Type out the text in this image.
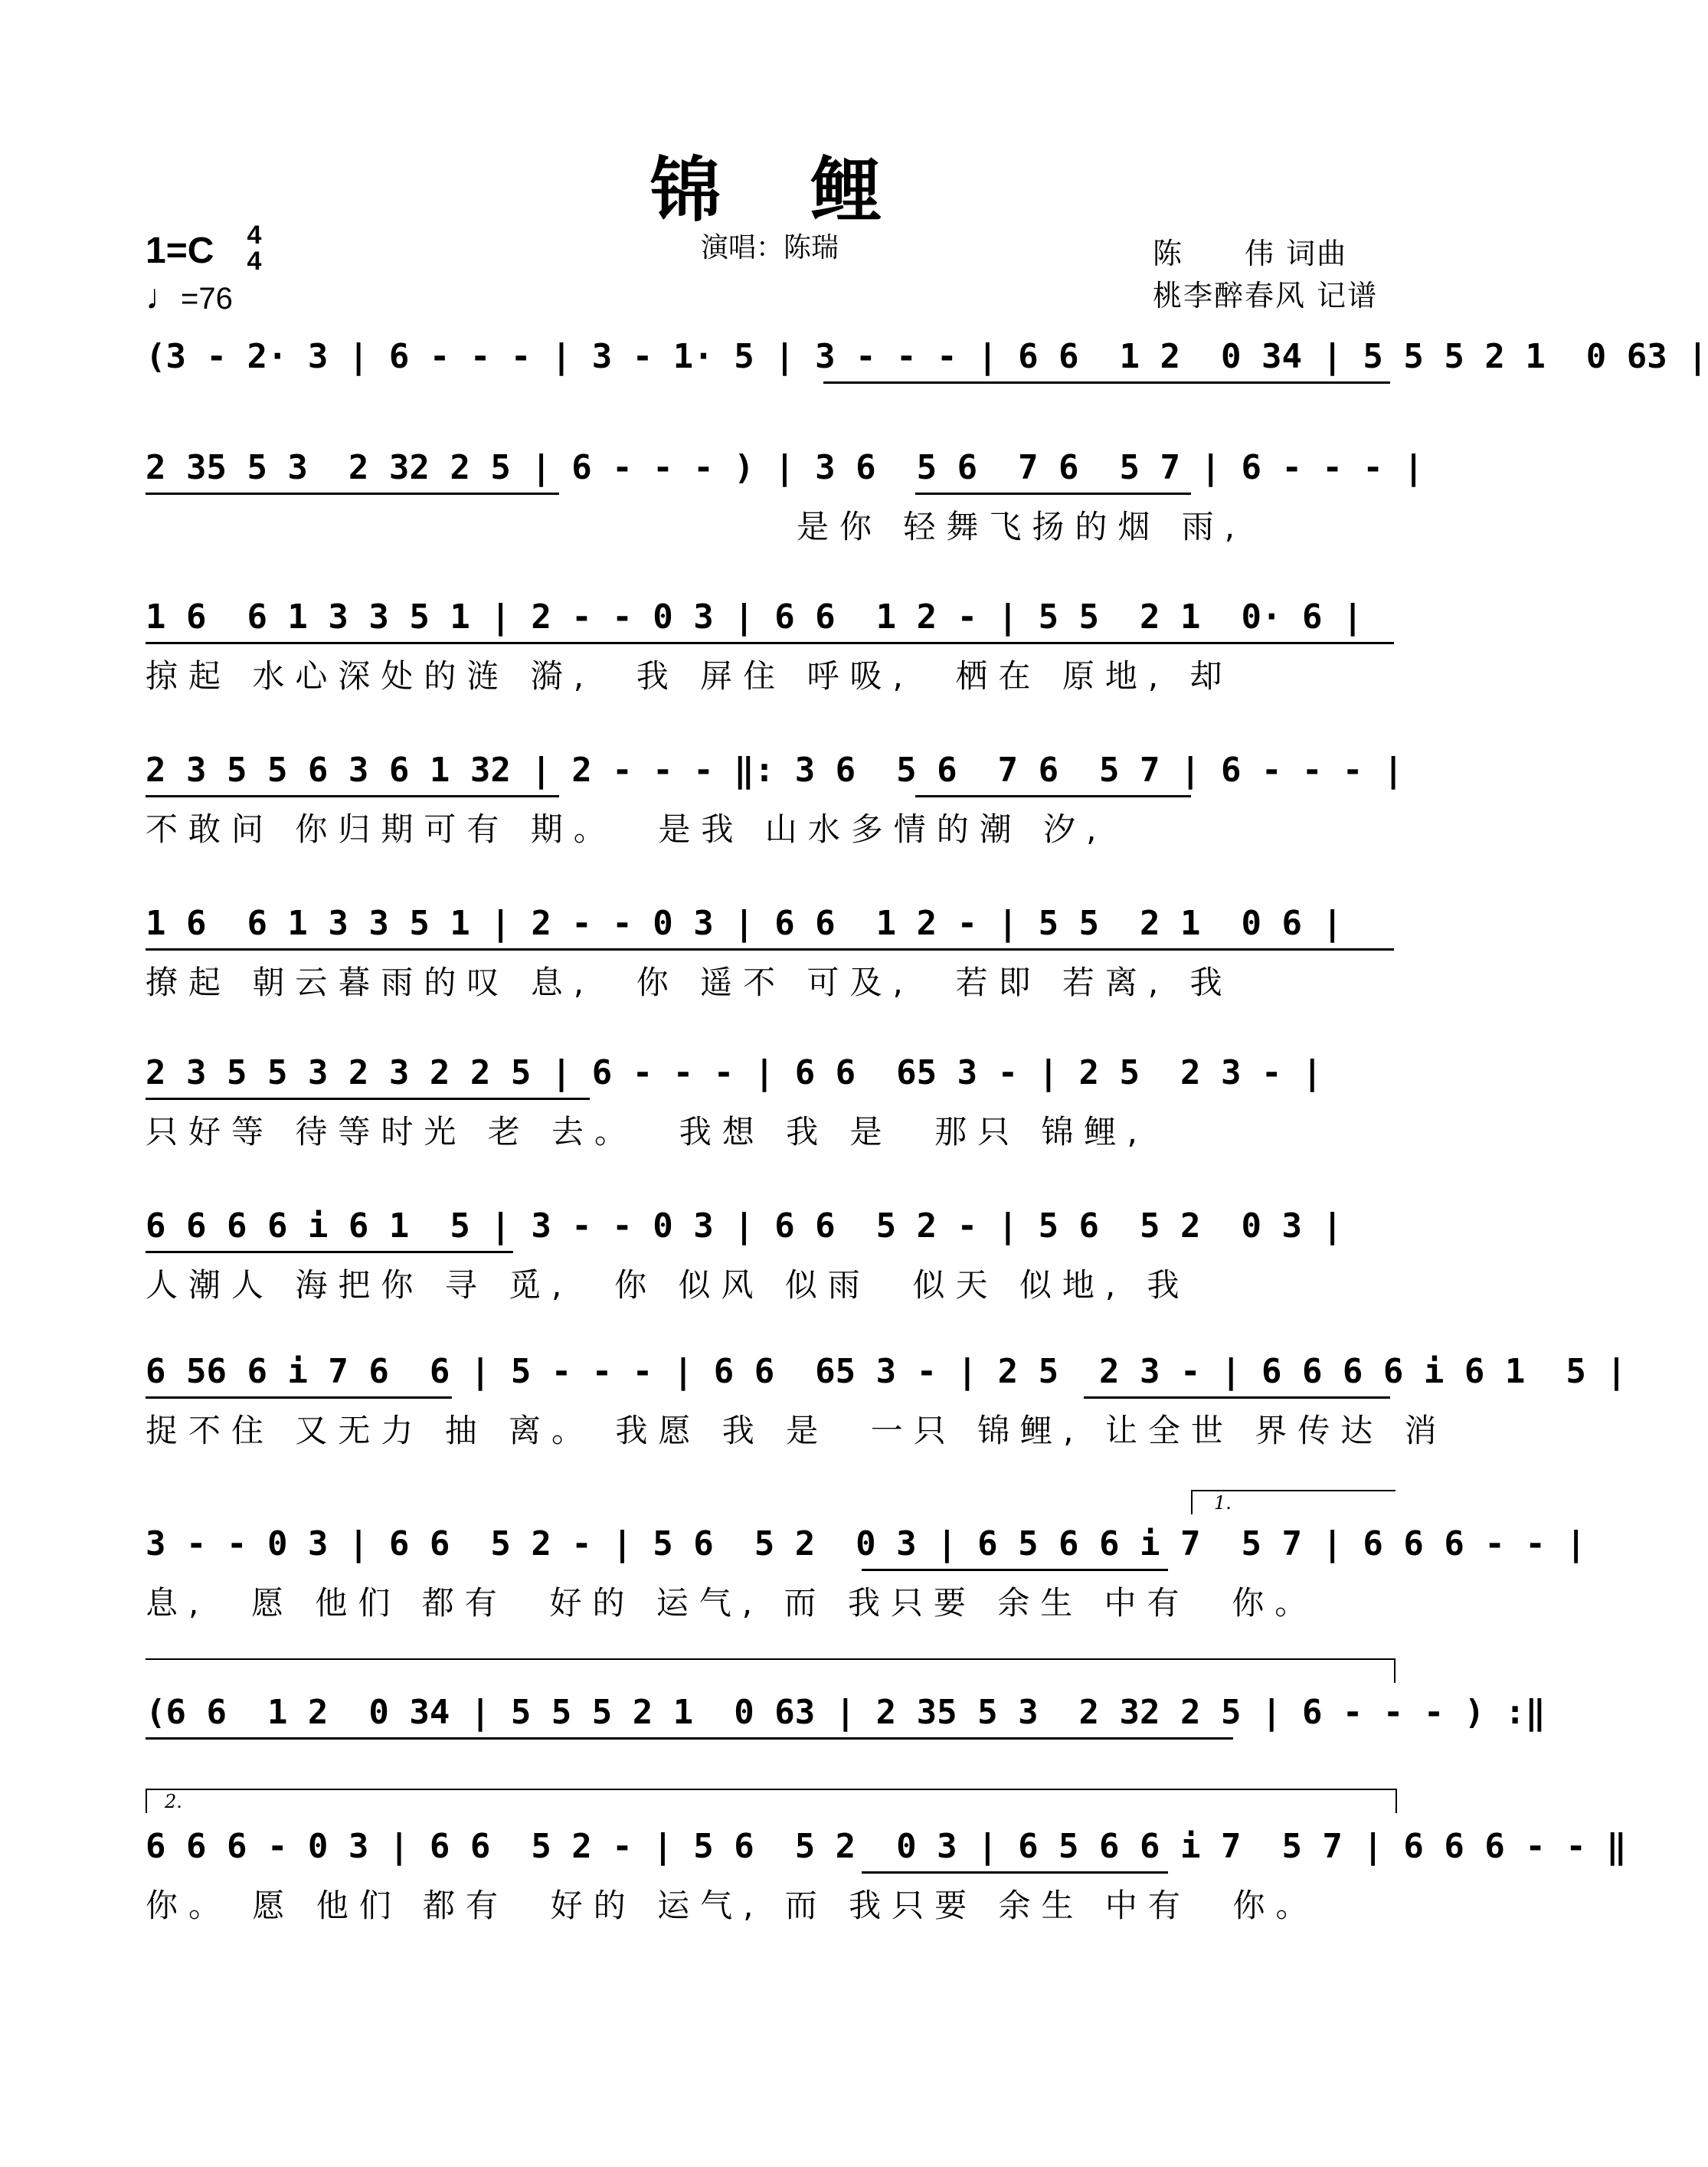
锦鲤
1=C	4
4
♩=76
演唱：陈瑞	陈　　伟 词曲
桃李醉春风 记谱
(3 - 2· 3 | 6 - - - | 3 - 1· 5 | 3 - - - | 6 6  1 2  0 34 | 5 5 5 2 1  0 63 |
2 35 5 3  2 32 2 5 | 6 - - - ) | 3 6  5 6  7 6  5 7 | 6 - - - |
是你 轻舞飞扬的烟 雨,
1 6  6 1 3 3 5 1 | 2 - - 0 3 | 6 6  1 2 - | 5 5  2 1  0· 6 |
掠起 水心深处的涟 漪,  我 屏住 呼吸,  栖在 原地, 却
2 3 5 5 6 3 6 1 32 | 2 - - - ‖: 3 6  5 6  7 6  5 7 | 6 - - - |
不敢问 你归期可有 期。  是我 山水多情的潮 汐,
1 6  6 1 3 3 5 1 | 2 - - 0 3 | 6 6  1 2 - | 5 5  2 1  0 6 |
撩起 朝云暮雨的叹 息,  你 遥不 可及,  若即 若离, 我
2 3 5 5 3 2 3 2 2 5 | 6 - - - | 6 6  65 3 - | 2 5  2 3 - |
只好等 待等时光 老 去。  我想 我 是  那只 锦鲤,
6 6 6 6 i 6 1  5 | 3 - - 0 3 | 6 6  5 2 - | 5 6  5 2  0 3 |
人潮人 海把你 寻 觅,  你 似风 似雨  似天 似地, 我
6 56 6 i 7 6  6 | 5 - - - | 6 6  65 3 - | 2 5  2 3 - | 6 6 6 6 i 6 1  5 |
捉不住 又无力 抽 离。 我愿 我 是  一只 锦鲤, 让全世 界传达 消
1.
3 - - 0 3 | 6 6  5 2 - | 5 6  5 2  0 3 | 6 5 6 6 i 7  5 7 | 6 6 6 - - |
息,  愿 他们 都有  好的 运气, 而 我只要 余生 中有  你。
(6 6  1 2  0 34 | 5 5 5 2 1  0 63 | 2 35 5 3  2 32 2 5 | 6 - - - ) :‖
2.
6 6 6 - 0 3 | 6 6  5 2 - | 5 6  5 2  0 3 | 6 5 6 6 i 7  5 7 | 6 6 6 - - ‖
你。 愿 他们 都有  好的 运气, 而 我只要 余生 中有  你。
